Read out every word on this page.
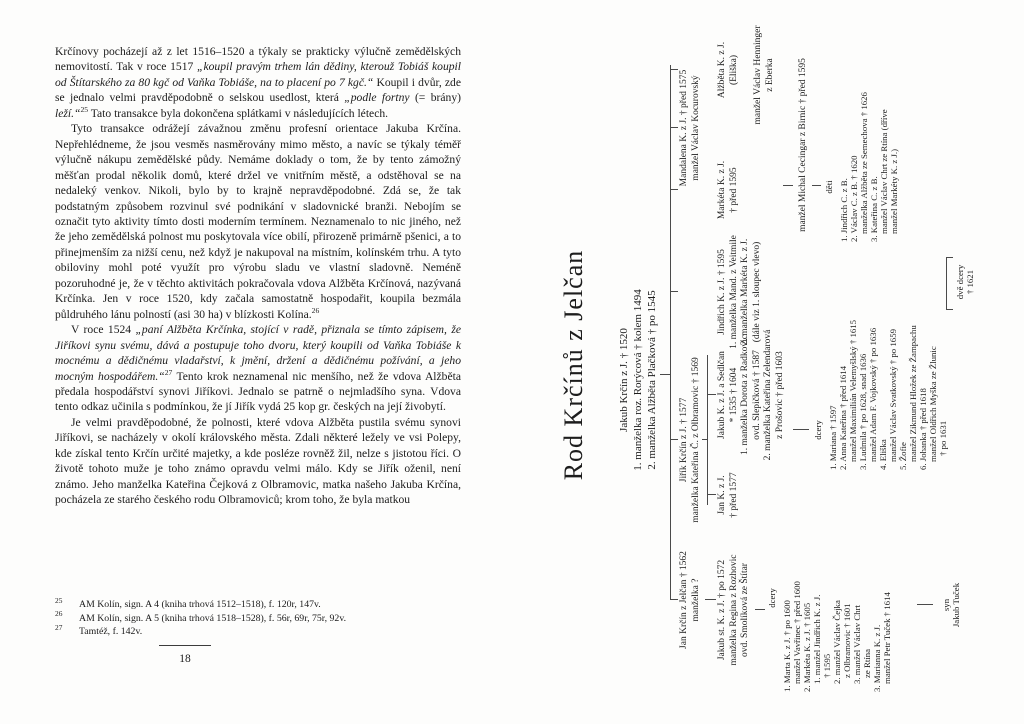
Krčínovy pocházejí až z let 1516–1520 a týkaly se prakticky výlučně zemědělských nemovitostí. Tak v roce 1517 „koupil pravým trhem lán dědiny, kterouž Tobiáš koupil od Štítarského za 80 kgč od Vaňka Tobiáše, na to placení po 7 kgč.“ Koupil i dvůr, zde se jednalo velmi pravděpodobně o selskou usedlost, která „podle fortny (= brány) leží.“$^{25}$ Tato transakce byla dokončena splátkami v následujících létech.

Tyto transakce odrážejí závažnou změnu profesní orientace Jakuba Krčína. Nepřehlédneme, že jsou vesměs nasměrovány mimo město, a navíc se týkaly téměř výlučně nákupu zemědělské půdy. Nemáme doklady o tom, že by tento zámožný měšťan prodal několik domů, které držel ve vnitřním městě, a odstěhoval se na nedaleký venkov. Nikoli, bylo by to krajně nepravděpodobné. Zdá se, že tak podstatným způsobem rozvinul své podnikání v sladovnické branži. Nebojím se označit tyto aktivity tímto dosti moderním termínem. Neznamenalo to nic jiného, než že jeho zemědělská polnost mu poskytovala více obilí, přirozeně primárně pšenici, a to přinejmenším za nižší cenu, než když je nakupoval na místním, kolínském trhu. A tyto obiloviny mohl poté využít pro výrobu sladu ve vlastní sladovně. Neméně pozoruhodné je, že v těchto aktivitách pokračovala vdova Alžběta Krčínová, nazývaná Krčínka. Jen v roce 1520, kdy začala samostatně hospodařit, koupila bezmála půldruhého lánu polností (asi 30 ha) v blízkosti Kolína.$^{26}$

V roce 1524 „paní Alžběta Krčínka, stojící v radě, přiznala se tímto zápisem, že Jiříkovi synu svému, dává a postupuje toho dvoru, který koupili od Vaňka Tobiáše k mocnému a dědičnému vladařství, k jmění, držení a dědičnému požívání, a jeho mocným hospodářem.“$^{27}$ Tento krok neznamenal nic menšího, než že vdova Alžběta předala hospodářství synovi Jiříkovi. Jednalo se patrně o nejmladšího syna. Vdova tento odkaz učinila s podmínkou, že jí Jiřík vydá 25 kop gr. českých na její živobytí.

Je velmi pravděpodobné, že polnosti, které vdova Alžběta pustila svému synovi Jiříkovi, se nacházely v okolí královského města. Zdali některé ležely ve vsi Polepy, kde získal tento Krčín určité majetky, a kde posléze rovněž žil, nelze s jistotou říci. O životě tohoto muže je toho známo opravdu velmi málo. Kdy se Jiřík oženil, není známo. Jeho manželka Kateřina Čejková z Olbramovic, matka našeho Jakuba Krčína, pocházela ze starého českého rodu Olbramoviců; krom toho, že byla matkou

25 AM Kolín, sign. A 4 (kniha trhová 1512–1518), f. 120r, 147v.
26 AM Kolín, sign. A 5 (kniha trhová 1518–1528), f. 56r, 69r, 75r, 92v.
27 Tamtéž, f. 142v.
18
Rod Krčínů z Jelčan	Jakub Krčín z J. † 1520 1. manželka roz. Rorýcová † kolem 1494 2. manželka Alžběta Plačková † po 1545
Jan Krčín z Jelčan † 1562 manželka ?
Jiřík Krčín z J. † 1577 manželka Kateřina Č. z Olbramovic † 1569
Mandalena K. z J. † před 1575 manžel Václav Kocurovský
Jindřich K. z J. † 1595 1. manželka Mand. z Veitmile 2. manželka Markéta K. z J. (dále viz 1. sloupec vlevo)
Markéta K. z J. † před 1595
Alžběta K. z J. (Eliška) manžel Václav Henninger z Eberka manžel Michal Cecingar z Birnic † před 1595 děti 1. Jindřich C. z B. 2. Václav C. z B. † 1620 manželka Alžběta ze Semechova † 1626 3. Kateřina C. z B. manžel Václav Chrt ze Rtína (dříve manžel Markéty K. z J.)
Jan K. z J. † před 1577
Jakub K. z J. a Sedlčan * 1535 † 1604 1. manželka Dorota z Radkovic ovd. Slepičková † 1587 2. manželka Kateřina Zelendarová z Prošovic † před 1603
Jakub st. K. z J. † po 1572 manželka Regina z Rozhovic ovd. Smolíková ze Štítar dcery
1. Marta K. z J. † po 1600 manžel Vavřinec † před 1600 2. Markéta K. z J. † 1605 1. manžel Jindřich K. z J. † 1595 2. manžel Václav Čejka z Olbramovic † 1601 3. manžel Václav Chrt ze Rtína 3. Marianna K. z J. manžel Petr Tuček † 1614	syn Jakub Tuček
dcery 1. Mariana † 1597 2. Anna Kateřina † před 1614 manžel Maximilián Velemyšlský † 1615 3. Ludmila † po 1628, snad 1636 manžel Adam F. Vojkovský † po 1636 4. Eliška manžel Václav Svatkovský † po 1659 5. Žofie manžel Zikmund Hložek ze Žampachu 6. Johanka † před 1618 manžel Oldřich Myška ze Žlunic † po 1631
dvě dcery † 1621
